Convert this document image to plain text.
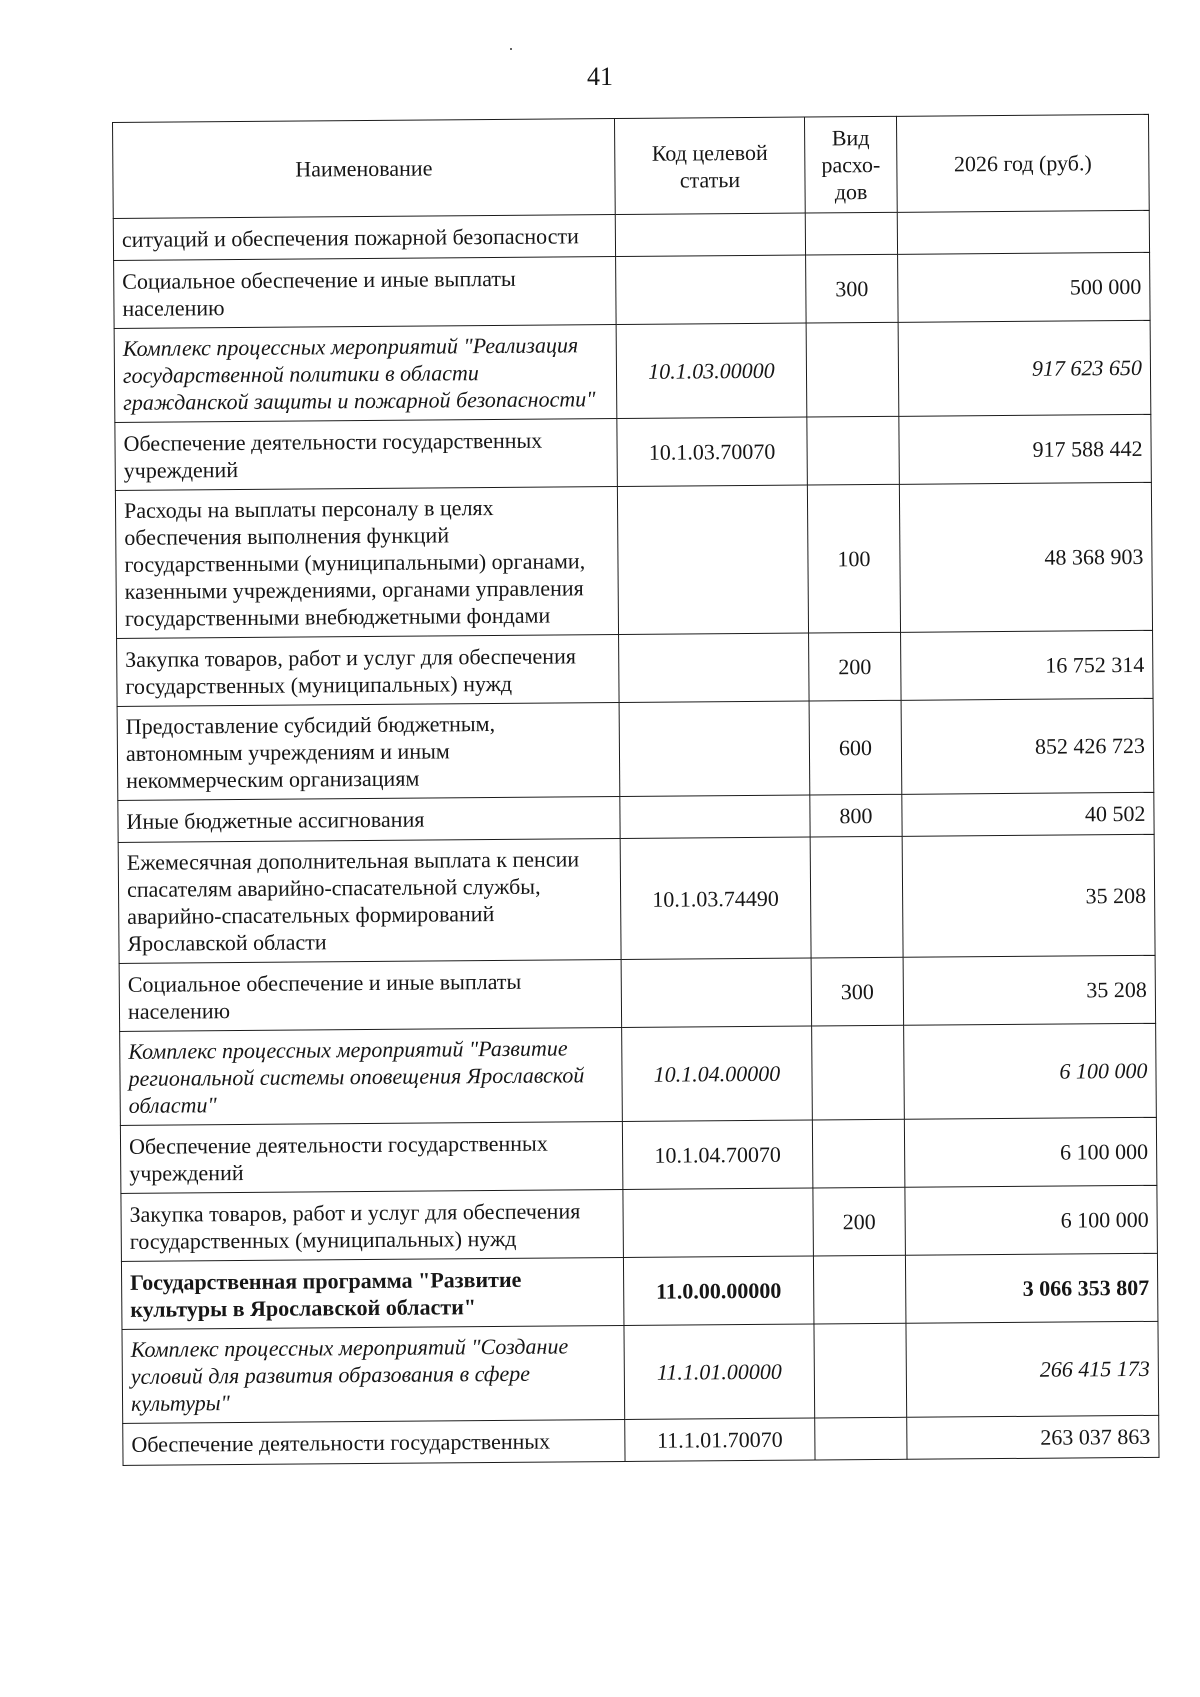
41
Наименование	Код целевой статьи	Вид расхо-дов	2026 год (руб.)
ситуаций и обеспечения пожарной безопасности			
Социальное обеспечение и иные выплаты населению		300	500 000
Комплекс процессных мероприятий "Реализация государственной политики в области гражданской защиты и пожарной безопасности"	10.1.03.00000		917 623 650
Обеспечение деятельности государственных учреждений	10.1.03.70070		917 588 442
Расходы на выплаты персоналу в целях обеспечения выполнения функций государственными (муниципальными) органами, казенными учреждениями, органами управления государственными внебюджетными фондами		100	48 368 903
Закупка товаров, работ и услуг для обеспечения государственных (муниципальных) нужд		200	16 752 314
Предоставление субсидий бюджетным, автономным учреждениям и иным некоммерческим организациям		600	852 426 723
Иные бюджетные ассигнования		800	40 502
Ежемесячная дополнительная выплата к пенсии спасателям аварийно-спасательной службы, аварийно-спасательных формирований Ярославской области	10.1.03.74490		35 208
Социальное обеспечение и иные выплаты населению		300	35 208
Комплекс процессных мероприятий "Развитие региональной системы оповещения Ярославской области"	10.1.04.00000		6 100 000
Обеспечение деятельности государственных учреждений	10.1.04.70070		6 100 000
Закупка товаров, работ и услуг для обеспечения государственных (муниципальных) нужд		200	6 100 000
Государственная программа "Развитие культуры в Ярославской области"	11.0.00.00000		3 066 353 807
Комплекс процессных мероприятий "Создание условий для развития образования в сфере культуры"	11.1.01.00000		266 415 173
Обеспечение деятельности государственных	11.1.01.70070		263 037 863
